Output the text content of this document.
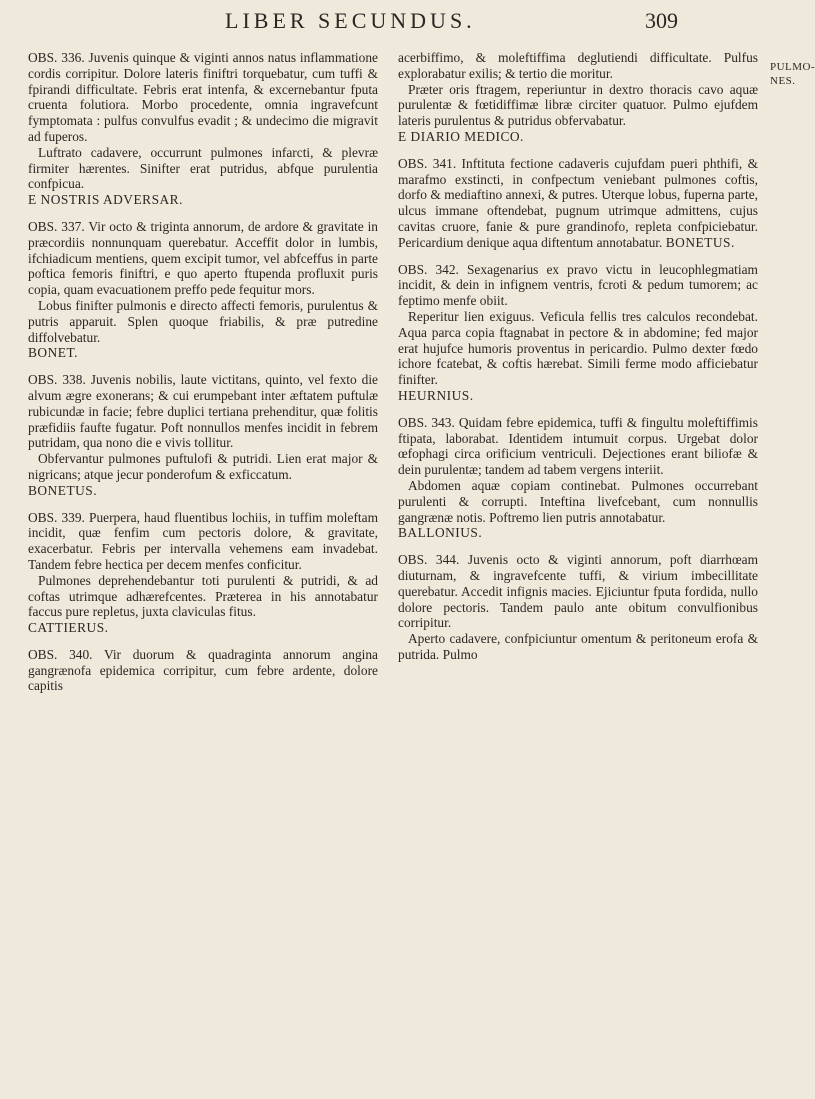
LIBER SECUNDUS.	309
PULMO-NES.

OBS. 336. Juvenis quinque & viginti annos natus inflammatione cordis corripitur. Dolore lateris finiftri torquebatur, cum tuffi & fpirandi difficultate. Febris erat intenfa, & excernebantur fputa cruenta folutiora. Morbo procedente, omnia ingravefcunt fymptomata : pulfus convulfus evadit ; & undecimo die migravit ad fuperos.
Luftrato cadavere, occurrunt pulmones infarcti, & plevræ firmiter hærentes. Sinifter erat putridus, abfque purulentia confpicua.
E NOSTRIS ADVERSAR.

OBS. 337. Vir octo & triginta annorum, de ardore & gravitate in præcordiis nonnunquam querebatur. Acceffit dolor in lumbis, ifchiadicum mentiens, quem excipit tumor, vel abfceffus in parte poftica femoris finiftri, e quo aperto ftupenda profluxit puris copia, quam evacuationem preffo pede fequitur mors.
Lobus finifter pulmonis e directo affecti femoris, purulentus & putris apparuit. Splen quoque friabilis, & præ putredine diffolvebatur.
BONET.

OBS. 338. Juvenis nobilis, laute victitans, quinto, vel fexto die alvum ægre exonerans; & cui erumpebant inter æftatem puftulæ rubicundæ in facie; febre duplici tertiana prehenditur, quæ folitis præfidiis faufte fugatur. Poft nonnullos menfes incidit in febrem putridam, qua nono die e vivis tollitur.
Obfervantur pulmones puftulofi & putridi. Lien erat major & nigricans; atque jecur ponderofum & exficcatum.
BONETUS.

OBS. 339. Puerpera, haud fluentibus lochiis, in tuffim moleftam incidit, quæ fenfim cum pectoris dolore, & gravitate, exacerbatur. Febris per intervalla vehemens eam invadebat. Tandem febre hectica per decem menfes conficitur.
Pulmones deprehendebantur toti purulenti & putridi, & ad coftas utrimque adhærefcentes. Præterea in his annotabatur faccus pure repletus, juxta claviculas fitus.
CATTIERUS.

OBS. 340. Vir duorum & quadraginta annorum angina gangrænofa epidemica corripitur, cum febre ardente, dolore capitis

acerbiffimo, & moleftiffima deglutiendi difficultate. Pulfus explorabatur exilis; & tertio die moritur.
Præter oris ftragem, reperiuntur in dextro thoracis cavo aquæ purulentæ & fœtidiffimæ libræ circiter quatuor. Pulmo ejufdem lateris purulentus & putridus obfervabatur.
E DIARIO MEDICO.

OBS. 341. Inftituta fectione cadaveris cujufdam pueri phthifi, & marafmo exstincti, in confpectum veniebant pulmones coftis, dorfo & mediaftino annexi, & putres. Uterque lobus, fuperna parte, ulcus immane oftendebat, pugnum utrimque admittens, cujus cavitas cruore, fanie & pure grandinofo, repleta confpiciebatur. Pericardium denique aqua diftentum annotabatur. BONETUS.

OBS. 342. Sexagenarius ex pravo victu in leucophlegmatiam incidit, & dein in infignem ventris, fcroti & pedum tumorem; ac feptimo menfe obiit.
Reperitur lien exiguus. Veficula fellis tres calculos recondebat. Aqua parca copia ftagnabat in pectore & in abdomine; fed major erat hujufce humoris proventus in pericardio. Pulmo dexter fœdo ichore fcatebat, & coftis hærebat. Simili ferme modo afficiebatur finifter.
HEURNIUS.

OBS. 343. Quidam febre epidemica, tuffi & fingultu moleftiffimis ftipata, laborabat. Identidem intumuit corpus. Urgebat dolor œfophagi circa orificium ventriculi. Dejectiones erant biliofæ & dein purulentæ; tandem ad tabem vergens interiit.
Abdomen aquæ copiam continebat. Pulmones occurrebant purulenti & corrupti. Inteftina livefcebant, cum nonnullis gangrænæ notis. Poftremo lien putris annotabatur.
BALLONIUS.

OBS. 344. Juvenis octo & viginti annorum, poft diarrhœam diuturnam, & ingravefcente tuffi, & virium imbecillitate querebatur. Accedit infignis macies. Ejiciuntur fputa fordida, nullo dolore pectoris. Tandem paulo ante obitum convulfionibus corripitur.
Aperto cadavere, confpiciuntur omentum & peritoneum erofa & putrida. Pulmo
